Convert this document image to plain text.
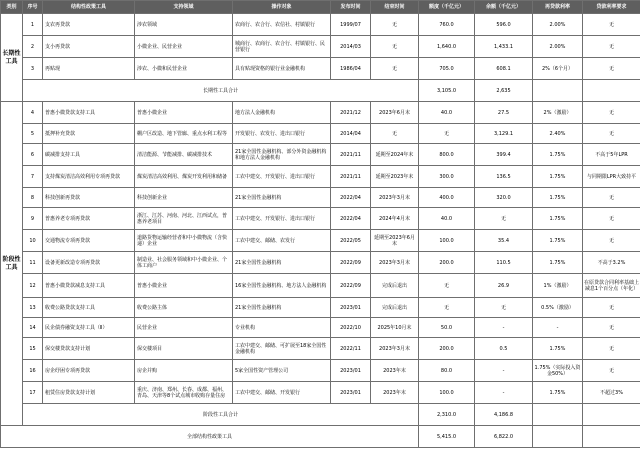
类别	序号	结构性政策工具	支持领域	操作对象	发布时间	结束时间	额度（千亿元）	余额（千亿元）	再贷款利率	贷款利率要求
长期性工具	1	支农再贷款	涉农领域	农商行、农合行、农信社、村镇银行	1999/07	无	760.0	596.0	2.00%	无
	2	支小再贷款	小微企业、民营企业	城商行、农商行、农合行、村镇银行、民营银行	2014/03	无	1,640.0	1,433.1	2.00%	无
	3	再贴现	涉农、小微和民营企业	具有贴现资格的银行业金融机构	1986/04	无	705.0	608.1	2%（6个月）	无
	长期性工具合计						3,105.0	2,635		
阶段性工具	4	普惠小微贷款支持工具	普惠小微企业	地方法人金融机构	2021/12	2023年6月末	40.0	27.5	2%（激励）	无
	5	抵押补充贷款	棚户区改造、地下管廊、重点水利工程等	开发银行、农发行、进出口银行	2014/04	无	无	3,129.1	2.40%	无
	6	碳减排支持工具	清洁能源、节能减排、碳减排技术	21家全国性金融机构、部分外资金融机构和地方法人金融机构	2021/11	延期至2024年末	800.0	399.4	1.75%	不高于5年LPR
	7	支持煤炭清洁高效利用专项再贷款	煤炭清洁高效利用、煤炭开发利用和储备	工农中建交、开发银行、进出口银行	2021/11	延期至2023年末	300.0	136.5	1.75%	与同期限LPR大致持平
	8	科技创新再贷款	科技创新企业	21家全国性金融机构	2022/04	2023年3月末	400.0	320.0	1.75%	无
	9	普惠养老专项再贷款	浙江、江苏、河南、河北、江西试点，普惠养老项目	工农中建交、开发银行、进出口银行	2022/04	2024年4月末	40.0	无	1.75%	无
	10	交通物流专项再贷款	道路货物运输经营者和中小微物流（含快递）企业	工农中建交、邮储、农发行	2022/05	延期至2023年6月末	100.0	35.4	1.75%	无
	11	设备更新改造专项再贷款	制造业、社会服务领域和中小微企业、个体工商户	21家全国性金融机构	2022/09	2023年3月末	200.0	110.5	1.75%	不高于3.2%
	12	普惠小微贷款减息支持工具	普惠小微企业	16家全国性金融机构、地方法人金融机构	2022/09	完成后退出	无	26.9	1%（激励）	在原贷款合同利率基础上减息1个百分点（年化）
	13	收费公路贷款支持工具	收费公路主体	21家全国性金融机构	2023/01	完成后退出	无	无	0.5%（激励）	无
	14	民企债券融资支持工具（Ⅱ）	民营企业	专业机构	2022/10	2025年10月末	50.0	-	-	无
	15	保交楼贷款支持计划	保交楼项目	工农中建交、邮储、可扩展至18家全国性金融机构	2022/11	2023年3月末	200.0	0.5	1.75%	无
	16	房企纾困专项再贷款	房企并购	5家全国性资产管理公司	2023/01	2023年末	80.0	-	1.75%（实际投入资金50%）	无
	17	租赁住房贷款支持计划	重庆、济南、郑州、长春、成都、福州、青岛、天津等8个试点城市收购存量住房	工农中建交、邮储、开发银行	2023/01	2023年末	100.0	-	1.75%	不超过3%
	阶段性工具合计						2,310.0	4,186.8		
全部结构性政策工具							5,415.0	6,822.0		
